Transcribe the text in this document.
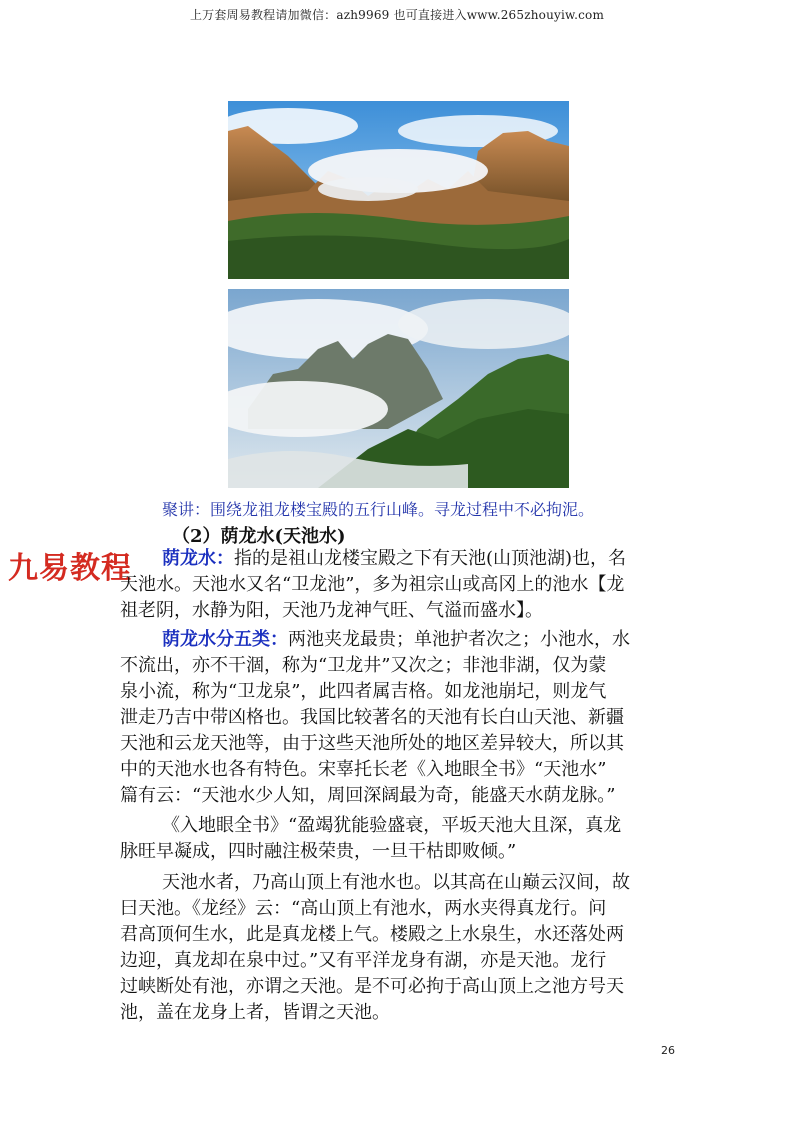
上万套周易教程请加微信：azh9969 也可直接进入www.265zhouyiw.com
聚讲：围绕龙祖龙楼宝殿的五行山峰。寻龙过程中不必拘泥。
（2）荫龙水(天池水)
九易教程 荫龙水：指的是祖山龙楼宝殿之下有天池(山顶池湖)也，名
天池水。天池水又名“卫龙池”，多为祖宗山或高冈上的池水【龙
祖老阴，水静为阳，天池乃龙神气旺、气溢而盛水】。
荫龙水分五类：两池夹龙最贵；单池护者次之；小池水，水
不流出，亦不干涸，称为“卫龙井”又次之；非池非湖，仅为蒙
泉小流，称为“卫龙泉”，此四者属吉格。如龙池崩圮，则龙气
泄走乃吉中带凶格也。我国比较著名的天池有长白山天池、新疆
天池和云龙天池等，由于这些天池所处的地区差异较大，所以其
中的天池水也各有特色。宋辜托长老《入地眼全书》“天池水”
篇有云：“天池水少人知，周回深阔最为奇，能盛天水荫龙脉。”
《入地眼全书》“盈竭犹能验盛衰，平坂天池大且深，真龙
脉旺早凝成，四时融注极荣贵，一旦干枯即败倾。”
天池水者，乃高山顶上有池水也。以其高在山巅云汉间，故
曰天池。《龙经》云：“高山顶上有池水，两水夹得真龙行。问
君高顶何生水，此是真龙楼上气。楼殿之上水泉生，水还落处两
边迎，真龙却在泉中过。”又有平洋龙身有湖，亦是天池。龙行
过峡断处有池，亦谓之天池。是不可必拘于高山顶上之池方号天
池，盖在龙身上者，皆谓之天池。
26
